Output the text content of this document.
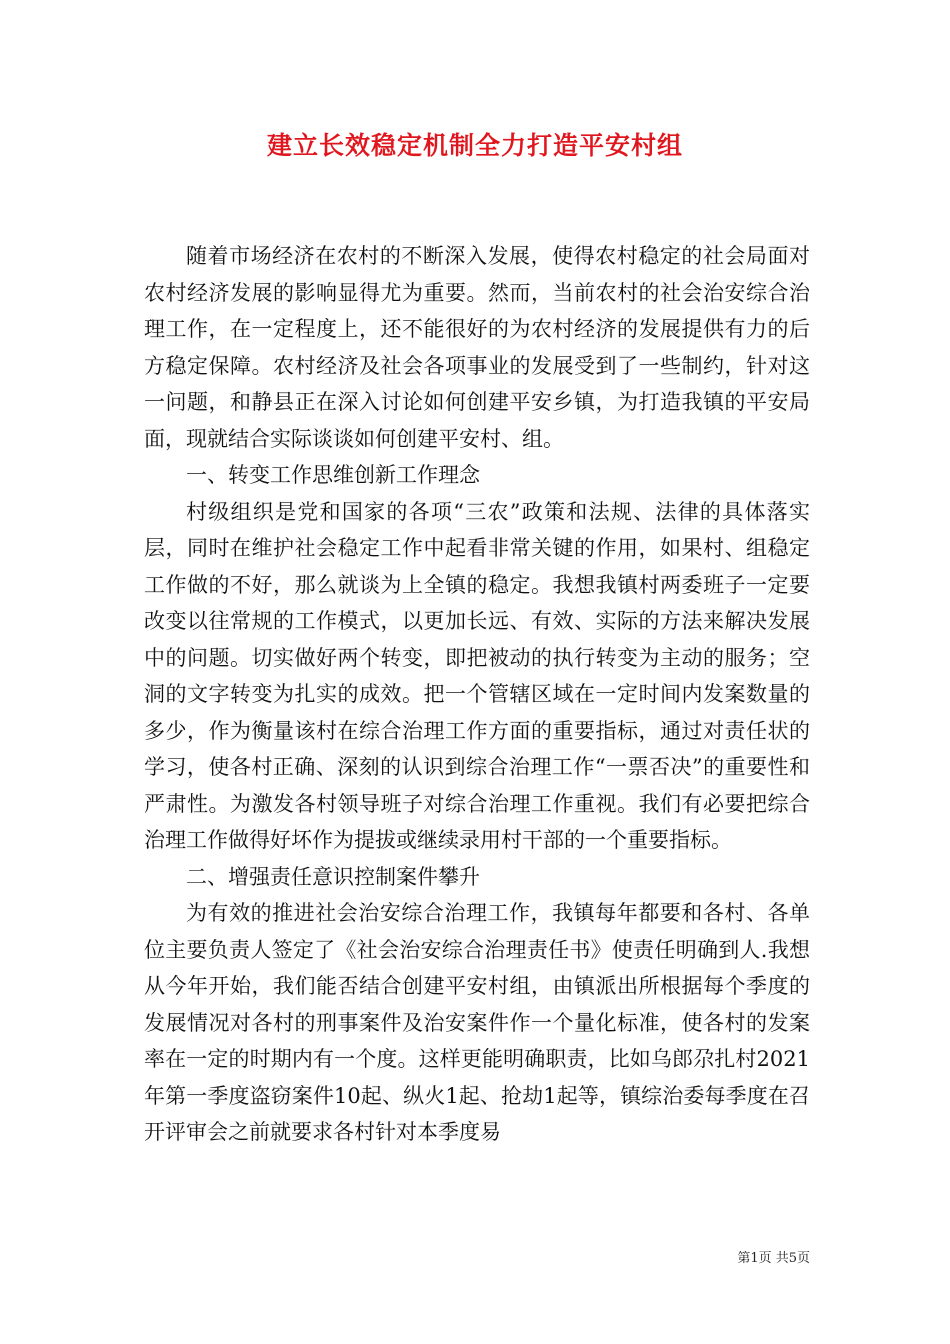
建立长效稳定机制全力打造平安村组

随着市场经济在农村的不断深入发展，使得农村稳定的社会局面对农村经济发展的影响显得尤为重要。然而，当前农村的社会治安综合治理工作，在一定程度上，还不能很好的为农村经济的发展提供有力的后方稳定保障。农村经济及社会各项事业的发展受到了一些制约，针对这一问题，和静县正在深入讨论如何创建平安乡镇，为打造我镇的平安局面，现就结合实际谈谈如何创建平安村、组。

一、转变工作思维创新工作理念

村级组织是党和国家的各项“三农”政策和法规、法律的具体落实层，同时在维护社会稳定工作中起看非常关键的作用，如果村、组稳定工作做的不好，那么就谈为上全镇的稳定。我想我镇村两委班子一定要改变以往常规的工作模式，以更加长远、有效、实际的方法来解决发展中的问题。切实做好两个转变，即把被动的执行转变为主动的服务；空洞的文字转变为扎实的成效。把一个管辖区域在一定时间内发案数量的多少，作为衡量该村在综合治理工作方面的重要指标，通过对责任状的学习，使各村正确、深刻的认识到综合治理工作“一票否决”的重要性和严肃性。为激发各村领导班子对综合治理工作重视。我们有必要把综合治理工作做得好坏作为提拔或继续录用村干部的一个重要指标。

二、增强责任意识控制案件攀升

为有效的推进社会治安综合治理工作，我镇每年都要和各村、各单位主要负责人签定了《社会治安综合治理责任书》使责任明确到人.我想从今年开始，我们能否结合创建平安村组，由镇派出所根据每个季度的发展情况对各村的刑事案件及治安案件作一个量化标准，使各村的发案率在一定的时期内有一个度。这样更能明确职责，比如乌郎尕扎村2021年第一季度盗窃案件10起、纵火1起、抢劫1起等，镇综治委每季度在召开评审会之前就要求各村针对本季度易

第1页 共5页
